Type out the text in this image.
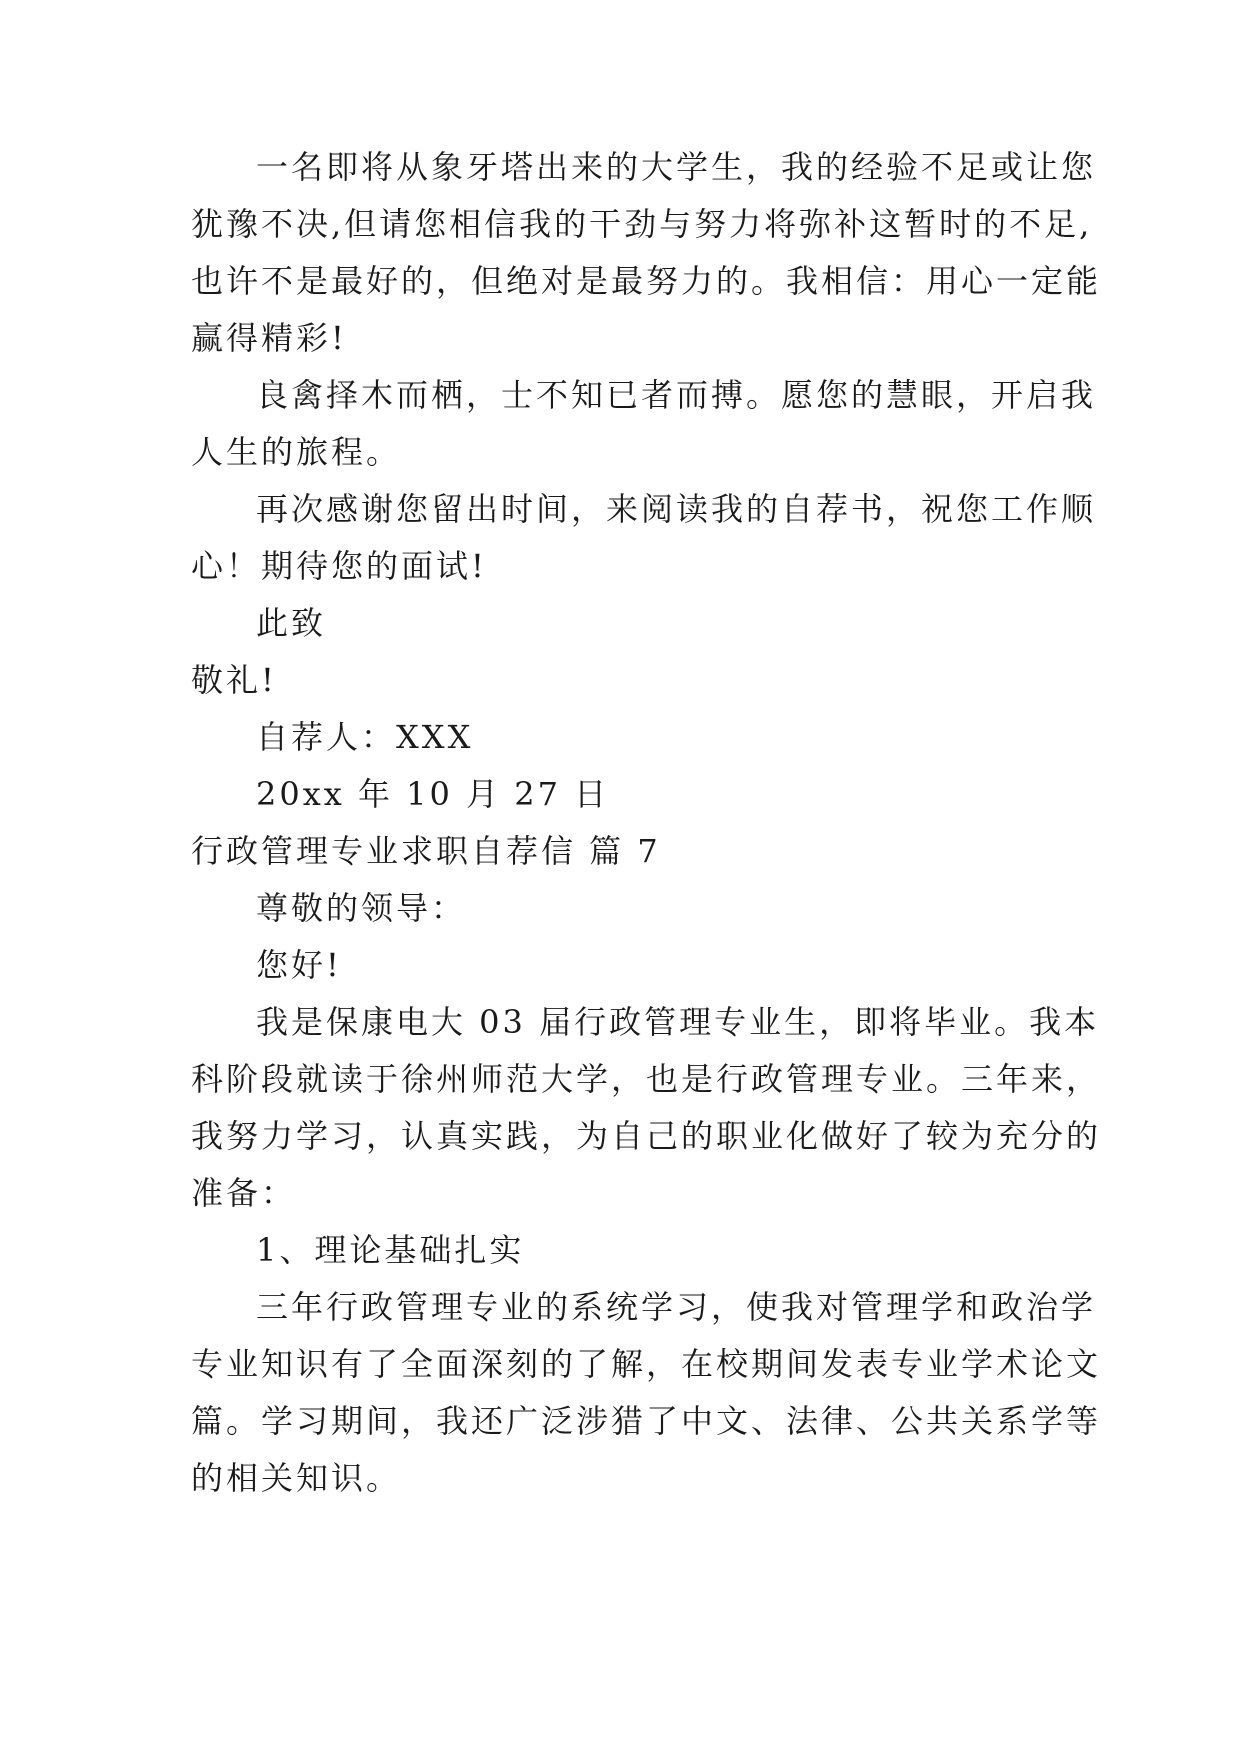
一名即将从象牙塔出来的大学生，我的经验不足或让您
犹豫不决,但请您相信我的干劲与努力将弥补这暂时的不足,
也许不是最好的，但绝对是最努力的。我相信：用心一定能
赢得精彩!
良禽择木而栖，士不知已者而搏。愿您的慧眼，开启我
人生的旅程。
再次感谢您留出时间，来阅读我的自荐书，祝您工作顺
心！期待您的面试!
此致
敬礼!
自荐人：XXX
20xx 年 10 月 27 日
行政管理专业求职自荐信 篇 7
尊敬的领导：
您好!
我是保康电大 03 届行政管理专业生，即将毕业。我本
科阶段就读于徐州师范大学，也是行政管理专业。三年来，
我努力学习，认真实践，为自己的职业化做好了较为充分的
准备：
1、理论基础扎实
三年行政管理专业的系统学习，使我对管理学和政治学
专业知识有了全面深刻的了解，在校期间发表专业学术论文
篇。学习期间，我还广泛涉猎了中文、法律、公共关系学等
的相关知识。
